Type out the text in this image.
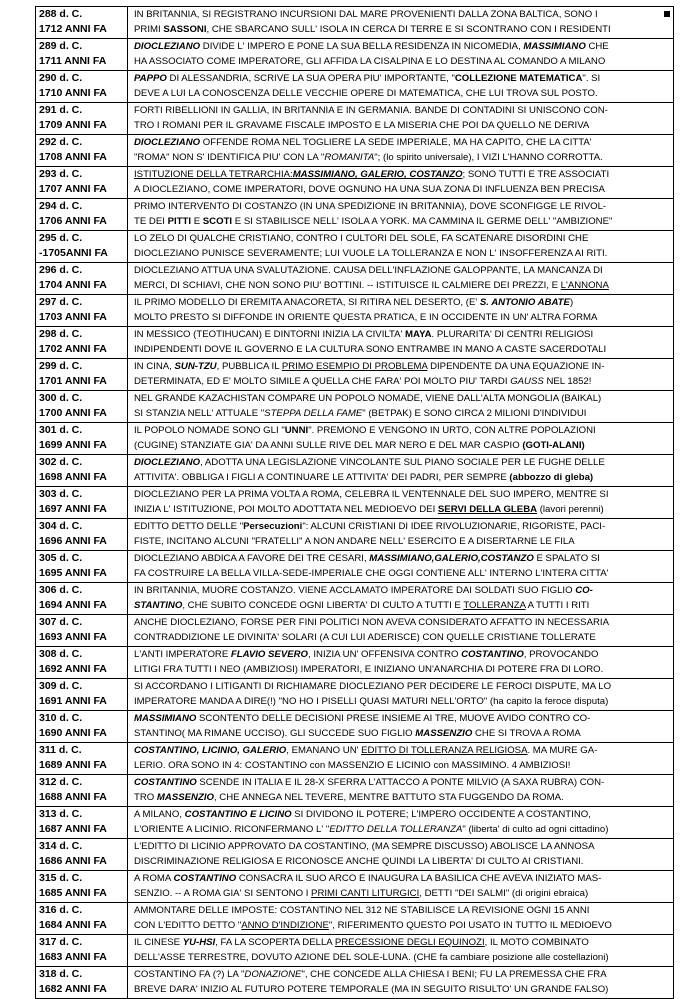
288 d. C.
1712 ANNI FA	IN BRITANNIA, SI REGISTRANO INCURSIONI DAL MARE PROVENIENTI DALLA ZONA BALTICA, SONO I
PRIMI SASSONI, CHE SBARCANO SULL' ISOLA IN CERCA DI TERRE E SI SCONTRANO CON I RESIDENTI

289 d. C.
1711 ANNI FA	DIOCLEZIANO DIVIDE L' IMPERO E PONE LA SUA BELLA RESIDENZA IN NICOMEDIA, MASSIMIANO CHE
HA ASSOCIATO COME IMPERATORE, GLI AFFIDA LA CISALPINA E LO DESTINA AL COMANDO A MILANO

290 d. C.
1710 ANNI FA	PAPPO DI ALESSANDRIA, SCRIVE LA SUA OPERA PIU' IMPORTANTE, "COLLEZIONE MATEMATICA". SI
DEVE A LUI LA CONOSCENZA DELLE VECCHIE OPERE DI MATEMATICA, CHE LUI TROVA SUL POSTO.

291 d. C.
1709 ANNI FA	FORTI RIBELLIONI IN GALLIA, IN BRITANNIA E IN GERMANIA. BANDE DI CONTADINI SI UNISCONO CON-
TRO I ROMANI PER IL GRAVAME FISCALE IMPOSTO E LA MISERIA CHE POI DA QUELLO NE DERIVA

292 d. C.
1708 ANNI FA	DIOCLEZIANO OFFENDE ROMA NEL TOGLIERE LA SEDE IMPERIALE, MA HA CAPITO, CHE LA CITTA'
"ROMA" NON S' IDENTIFICA PIU' CON LA "ROMANITA"; (lo spirito universale), I VIZI L'HANNO CORROTTA.

293 d. C.
1707 ANNI FA	ISTITUZIONE DELLA TETRARCHIA:MASSIMIANO, GALERIO, COSTANZO; SONO TUTTI E TRE ASSOCIATI
A DIOCLEZIANO, COME IMPERATORI, DOVE OGNUNO HA UNA SUA ZONA DI INFLUENZA BEN PRECISA

294 d. C.
1706 ANNI FA	PRIMO INTERVENTO DI COSTANZO (IN UNA SPEDIZIONE IN BRITANNIA), DOVE SCONFIGGE LE RIVOL-
TE DEI PITTI E SCOTI E SI STABILISCE NELL' ISOLA A YORK. MA CAMMINA IL GERME DELL' "AMBIZIONE"

295 d. C.
-1705ANNI FA	LO ZELO DI QUALCHE CRISTIANO, CONTRO I CULTORI DEL SOLE, FA SCATENARE DISORDINI CHE
DIOCLEZIANO PUNISCE SEVERAMENTE; LUI VUOLE LA TOLLERANZA E NON L' INSOFFERENZA AI RITI.

296 d. C.
1704 ANNI FA	DIOCLEZIANO ATTUA UNA SVALUTAZIONE. CAUSA DELL'INFLAZIONE GALOPPANTE, LA MANCANZA DI
MERCI, DI SCHIAVI, CHE NON SONO PIU' BOTTINI. -- ISTITUISCE IL CALMIERE DEI PREZZI, E L'ANNONA

297 d. C.
1703 ANNI FA	IL PRIMO MODELLO DI EREMITA ANACORETA, SI RITIRA NEL DESERTO, (E' S. ANTONIO ABATE)
MOLTO PRESTO SI DIFFONDE IN ORIENTE QUESTA PRATICA, E IN OCCIDENTE IN UN' ALTRA FORMA

298 d. C.
1702 ANNI FA	IN MESSICO (TEOTIHUCAN) E DINTORNI INIZIA LA CIVILTA' MAYA. PLURARITA' DI CENTRI RELIGIOSI
INDIPENDENTI DOVE IL GOVERNO E LA CULTURA SONO ENTRAMBE IN MANO A CASTE SACERDOTALI

299 d. C.
1701 ANNI FA	IN CINA, SUN-TZU, PUBBLICA IL PRIMO ESEMPIO DI PROBLEMA DIPENDENTE DA UNA EQUAZIONE IN-
DETERMINATA, ED E' MOLTO SIMILE A QUELLA CHE FARA' POI MOLTO PIU' TARDI GAUSS NEL 1852!

300 d. C.
1700 ANNI FA	NEL GRANDE KAZACHISTAN COMPARE UN POPOLO NOMADE, VIENE DALL'ALTA MONGOLIA (BAIKAL)
SI STANZIA NELL' ATTUALE "STEPPA DELLA FAME" (BETPAK) E SONO CIRCA 2 MILIONI D'INDIVIDUI

301 d. C.
1699 ANNI FA	IL POPOLO NOMADE SONO GLI "UNNI". PREMONO E VENGONO IN URTO, CON ALTRE POPOLAZIONI
(CUGINE) STANZIATE GIA' DA ANNI SULLE RIVE DEL MAR NERO E DEL MAR CASPIO (GOTI-ALANI)

302 d. C.
1698 ANNI FA	DIOCLEZIANO, ADOTTA UNA LEGISLAZIONE VINCOLANTE SUL PIANO SOCIALE PER LE FUGHE DELLE
ATTIVITA'. OBBLIGA I FIGLI A CONTINUARE LE ATTIVITA' DEI PADRI, PER SEMPRE (abbozzo di gleba)

303 d. C.
1697 ANNI FA	DIOCLEZIANO PER LA PRIMA VOLTA A ROMA, CELEBRA IL VENTENNALE DEL SUO IMPERO, MENTRE SI
INIZIA L' ISTITUZIONE, POI MOLTO ADOTTATA NEL MEDIOEVO DEI SERVI DELLA GLEBA (lavori perenni)

304 d. C.
1696 ANNI FA	EDITTO DETTO DELLE "Persecuzioni": ALCUNI CRISTIANI DI IDEE RIVOLUZIONARIE, RIGORISTE, PACI-
FISTE, INCITANO ALCUNI "FRATELLI" A NON ANDARE NELL' ESERCITO E A DISERTARNE LE FILA

305 d. C.
1695 ANNI FA	DIOCLEZIANO ABDICA A FAVORE DEI TRE CESARI, MASSIMIANO,GALERIO,COSTANZO E SPALATO SI
FA COSTRUIRE LA BELLA VILLA-SEDE-IMPERIALE CHE OGGI CONTIENE ALL' INTERNO L'INTERA CITTA'

306 d. C.
1694 ANNI FA	IN BRITANNIA, MUORE COSTANZO. VIENE ACCLAMATO IMPERATORE DAI SOLDATI SUO FIGLIO CO-
STANTINO, CHE SUBITO CONCEDE OGNI LIBERTA' DI CULTO A TUTTI E TOLLERANZA A TUTTI I RITI

307 d. C.
1693 ANNI FA	ANCHE DIOCLEZIANO, FORSE PER FINI POLITICI NON AVEVA CONSIDERATO AFFATTO IN NECESSARIA
CONTRADDIZIONE LE DIVINITA' SOLARI (A CUI LUI ADERISCE) CON QUELLE CRISTIANE TOLLERATE

308 d. C.
1692 ANNI FA	L'ANTI IMPERATORE FLAVIO SEVERO, INIZIA UN' OFFENSIVA CONTRO COSTANTINO, PROVOCANDO
LITIGI FRA TUTTI I NEO (AMBIZIOSI) IMPERATORI, E INIZIANO UN'ANARCHIA DI POTERE FRA DI LORO.

309 d. C.
1691 ANNI FA	SI ACCORDANO I LITIGANTI DI RICHIAMARE DIOCLEZIANO PER DECIDERE LE FEROCI DISPUTE, MA LO
IMPERATORE MANDA A DIRE(!) "NO HO I PISELLI QUASI MATURI NELL'ORTO" (ha capito la feroce disputa)

310 d. C.
1690 ANNI FA	MASSIMIANO SCONTENTO DELLE DECISIONI PRESE INSIEME AI TRE, MUOVE AVIDO CONTRO CO-
STANTINO( MA RIMANE UCCISO). GLI SUCCEDE SUO FIGLIO MASSENZIO CHE SI TROVA A ROMA

311 d. C.
1689 ANNI FA	COSTANTINO, LICINIO, GALERIO, EMANANO UN' EDITTO DI TOLLERANZA RELIGIOSA. MA MURE GA-
LERIO. ORA SONO IN 4: COSTANTINO con MASSENZIO E LICINIO con MASSIMINO. 4 AMBIZIOSI!

312 d. C.
1688 ANNI FA	COSTANTINO SCENDE IN ITALIA E IL 28-X SFERRA L'ATTACCO A PONTE MILVIO (A SAXA RUBRA) CON-
TRO MASSENZIO, CHE ANNEGA NEL TEVERE, MENTRE BATTUTO STA FUGGENDO DA ROMA.

313 d. C.
1687 ANNI FA	A MILANO, COSTANTINO E LICINO SI DIVIDONO IL POTERE; L'IMPERO OCCIDENTE A COSTANTINO,
L'ORIENTE A LICINIO. RICONFERMANO L' "EDITTO DELLA TOLLERANZA" (liberta' di culto ad ogni cittadino)

314 d. C.
1686 ANNI FA	L'EDITTO DI LICINIO APPROVATO DA COSTANTINO, (MA SEMPRE DISCUSSO) ABOLISCE LA ANNOSA
DISCRIMINAZIONE RELIGIOSA E RICONOSCE ANCHE QUINDI LA LIBERTA' DI CULTO AI CRISTIANI.

315 d. C.
1685 ANNI FA	A ROMA COSTANTINO CONSACRA IL SUO ARCO E INAUGURA LA BASILICA CHE AVEVA INIZIATO MAS-
SENZIO. -- A ROMA GIA' SI SENTONO I PRIMI CANTI LITURGICI, DETTI "DEI SALMI" (di origini ebraica)

316 d. C.
1684 ANNI FA	AMMONTARE DELLE IMPOSTE: COSTANTINO NEL 312 NE STABILISCE LA REVISIONE OGNI 15 ANNI
CON L'EDITTO DETTO "ANNO D'INDIZIONE", RIFERIMENTO QUESTO POI USATO IN TUTTO IL MEDIOEVO

317 d. C.
1683 ANNI FA	IL CINESE YU-HSI, FA LA SCOPERTA DELLA PRECESSIONE DEGLI EQUINOZI, IL MOTO COMBINATO
DELL'ASSE TERRESTRE, DOVUTO AZIONE DEL SOLE-LUNA. (CHE fa cambiare posizione alle costellazioni)

318 d. C.
1682 ANNI FA	COSTANTINO FA (?) LA "DONAZIONE", CHE CONCEDE ALLA CHIESA I BENI; FU LA PREMESSA CHE FRA
BREVE DARA' INIZIO AL FUTURO POTERE TEMPORALE (MA IN SEGUITO RISULTO' UN GRANDE FALSO)
